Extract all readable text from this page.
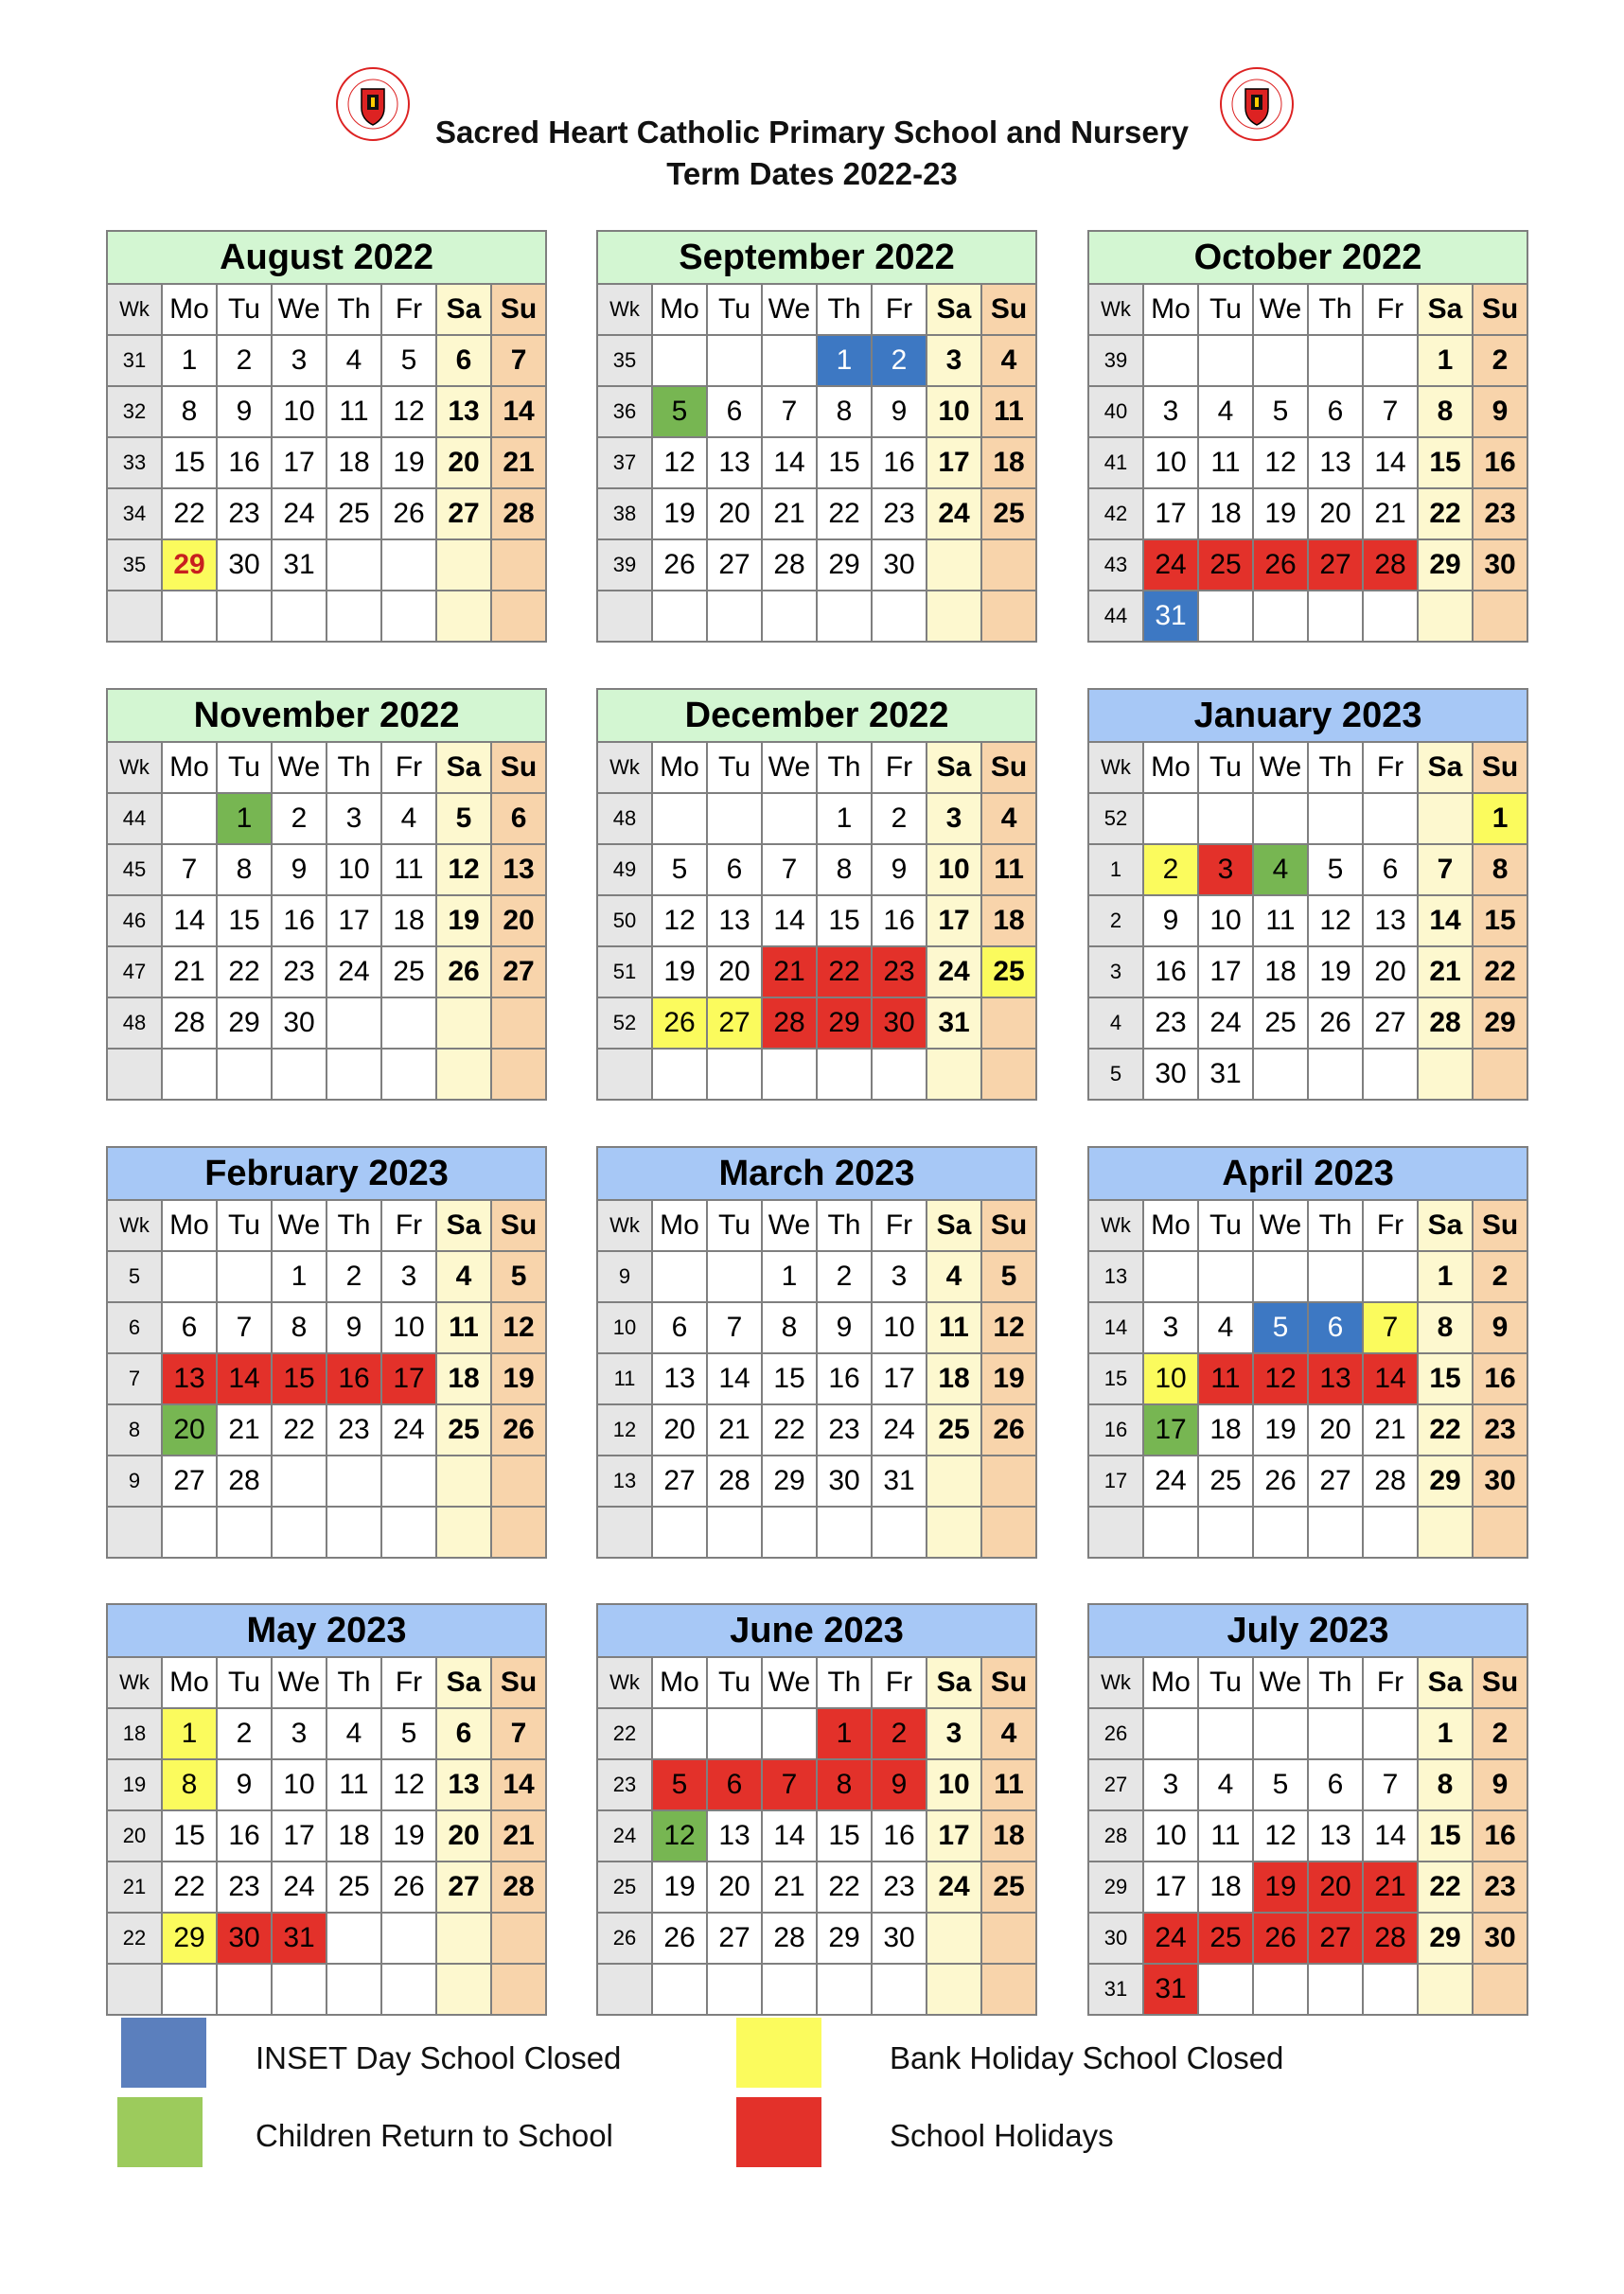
Sacred Heart Catholic Primary School and Nursery
Term Dates 2022-23
August 2022							
Wk	Mo	Tu	We	Th	Fr	Sa	Su
31	1	2	3	4	5	6	7
32	8	9	10	11	12	13	14
33	15	16	17	18	19	20	21
34	22	23	24	25	26	27	28
35	29	30	31				

September 2022							
Wk	Mo	Tu	We	Th	Fr	Sa	Su
35				1	2	3	4
36	5	6	7	8	9	10	11
37	12	13	14	15	16	17	18
38	19	20	21	22	23	24	25
39	26	27	28	29	30		

October 2022							
Wk	Mo	Tu	We	Th	Fr	Sa	Su
39						1	2
40	3	4	5	6	7	8	9
41	10	11	12	13	14	15	16
42	17	18	19	20	21	22	23
43	24	25	26	27	28	29	30
44	31						
November 2022							
Wk	Mo	Tu	We	Th	Fr	Sa	Su
44		1	2	3	4	5	6
45	7	8	9	10	11	12	13
46	14	15	16	17	18	19	20
47	21	22	23	24	25	26	27
48	28	29	30				

December 2022							
Wk	Mo	Tu	We	Th	Fr	Sa	Su
48				1	2	3	4
49	5	6	7	8	9	10	11
50	12	13	14	15	16	17	18
51	19	20	21	22	23	24	25
52	26	27	28	29	30	31	

January 2023							
Wk	Mo	Tu	We	Th	Fr	Sa	Su
52							1
1	2	3	4	5	6	7	8
2	9	10	11	12	13	14	15
3	16	17	18	19	20	21	22
4	23	24	25	26	27	28	29
5	30	31					
February 2023							
Wk	Mo	Tu	We	Th	Fr	Sa	Su
5			1	2	3	4	5
6	6	7	8	9	10	11	12
7	13	14	15	16	17	18	19
8	20	21	22	23	24	25	26
9	27	28					

March 2023							
Wk	Mo	Tu	We	Th	Fr	Sa	Su
9			1	2	3	4	5
10	6	7	8	9	10	11	12
11	13	14	15	16	17	18	19
12	20	21	22	23	24	25	26
13	27	28	29	30	31		

April 2023							
Wk	Mo	Tu	We	Th	Fr	Sa	Su
13						1	2
14	3	4	5	6	7	8	9
15	10	11	12	13	14	15	16
16	17	18	19	20	21	22	23
17	24	25	26	27	28	29	30

May 2023							
Wk	Mo	Tu	We	Th	Fr	Sa	Su
18	1	2	3	4	5	6	7
19	8	9	10	11	12	13	14
20	15	16	17	18	19	20	21
21	22	23	24	25	26	27	28
22	29	30	31				

June 2023							
Wk	Mo	Tu	We	Th	Fr	Sa	Su
22				1	2	3	4
23	5	6	7	8	9	10	11
24	12	13	14	15	16	17	18
25	19	20	21	22	23	24	25
26	26	27	28	29	30		

July 2023							
Wk	Mo	Tu	We	Th	Fr	Sa	Su
26						1	2
27	3	4	5	6	7	8	9
28	10	11	12	13	14	15	16
29	17	18	19	20	21	22	23
30	24	25	26	27	28	29	30
31	31						
INSET Day School Closed
Children Return to School
Bank Holiday School Closed
School Holidays
